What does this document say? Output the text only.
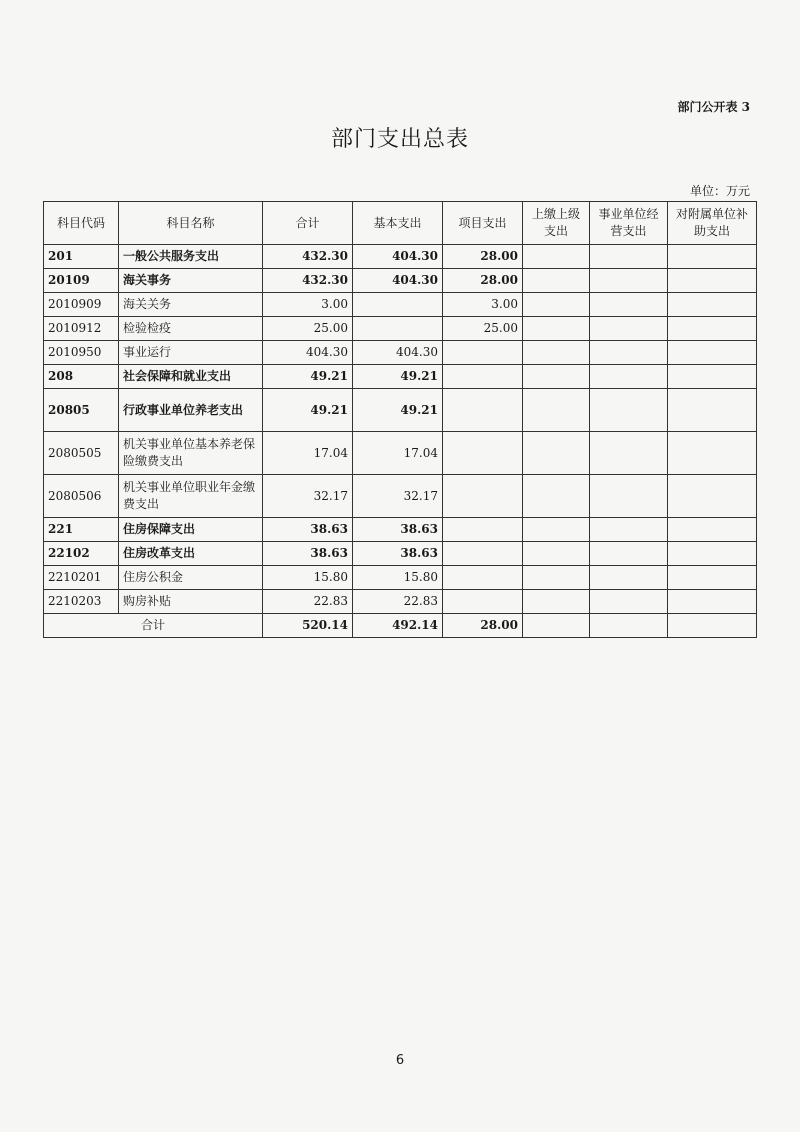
部门公开表 3
部门支出总表
单位：万元
科目代码	科目名称	合计	基本支出	项目支出	上缴上级支出	事业单位经营支出	对附属单位补助支出
201	一般公共服务支出	432.30	404.30	28.00			
20109	海关事务	432.30	404.30	28.00			
2010909	海关关务	3.00		3.00			
2010912	检验检疫	25.00		25.00			
2010950	事业运行	404.30	404.30				
208	社会保障和就业支出	49.21	49.21				
20805	行政事业单位养老支出	49.21	49.21				
2080505	机关事业单位基本养老保险缴费支出	17.04	17.04				
2080506	机关事业单位职业年金缴费支出	32.17	32.17				
221	住房保障支出	38.63	38.63				
22102	住房改革支出	38.63	38.63				
2210201	住房公积金	15.80	15.80				
2210203	购房补贴	22.83	22.83				
合计		520.14	492.14	28.00			
6
